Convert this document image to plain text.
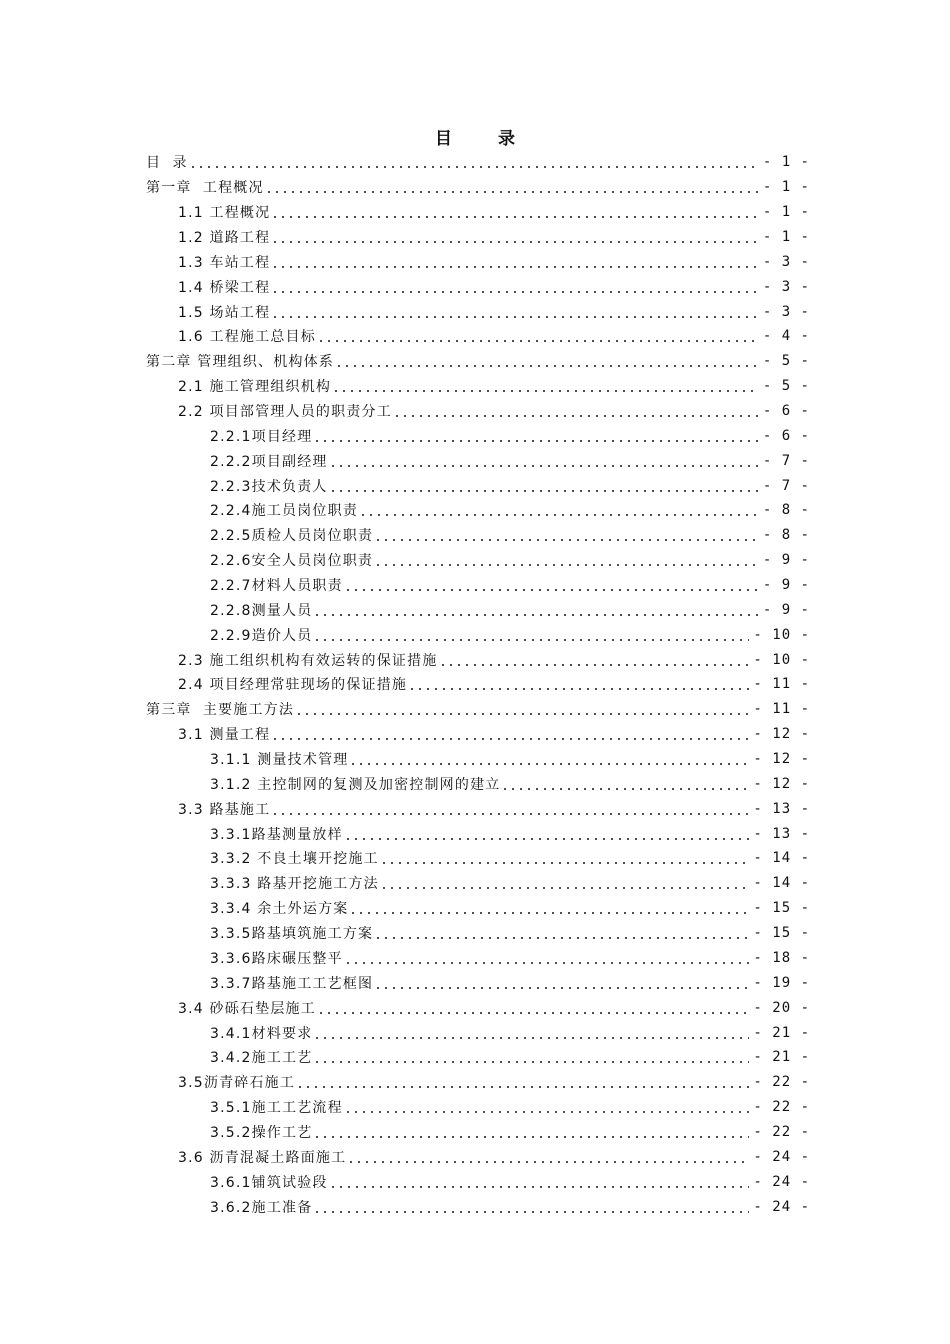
目 录
目  录	- 1 -
第一章  工程概况	- 1 -
1.1 工程概况	- 1 -
1.2 道路工程	- 1 -
1.3 车站工程	- 3 -
1.4 桥梁工程	- 3 -
1.5 场站工程	- 3 -
1.6 工程施工总目标	- 4 -
第二章 管理组织、机构体系	- 5 -
2.1 施工管理组织机构	- 5 -
2.2 项目部管理人员的职责分工	- 6 -
2.2.1项目经理	- 6 -
2.2.2项目副经理	- 7 -
2.2.3技术负责人	- 7 -
2.2.4施工员岗位职责	- 8 -
2.2.5质检人员岗位职责	- 8 -
2.2.6安全人员岗位职责	- 9 -
2.2.7材料人员职责	- 9 -
2.2.8测量人员	- 9 -
2.2.9造价人员	- 10 -
2.3 施工组织机构有效运转的保证措施	- 10 -
2.4 项目经理常驻现场的保证措施	- 11 -
第三章  主要施工方法	- 11 -
3.1 测量工程	- 12 -
3.1.1 测量技术管理	- 12 -
3.1.2 主控制网的复测及加密控制网的建立	- 12 -
3.3 路基施工	- 13 -
3.3.1路基测量放样	- 13 -
3.3.2 不良土壤开挖施工	- 14 -
3.3.3 路基开挖施工方法	- 14 -
3.3.4 余土外运方案	- 15 -
3.3.5路基填筑施工方案	- 15 -
3.3.6路床碾压整平	- 18 -
3.3.7路基施工工艺框图	- 19 -
3.4 砂砾石垫层施工	- 20 -
3.4.1材料要求	- 21 -
3.4.2施工工艺	- 21 -
3.5沥青碎石施工	- 22 -
3.5.1施工工艺流程	- 22 -
3.5.2操作工艺	- 22 -
3.6 沥青混凝土路面施工	- 24 -
3.6.1铺筑试验段	- 24 -
3.6.2施工准备	- 24 -
